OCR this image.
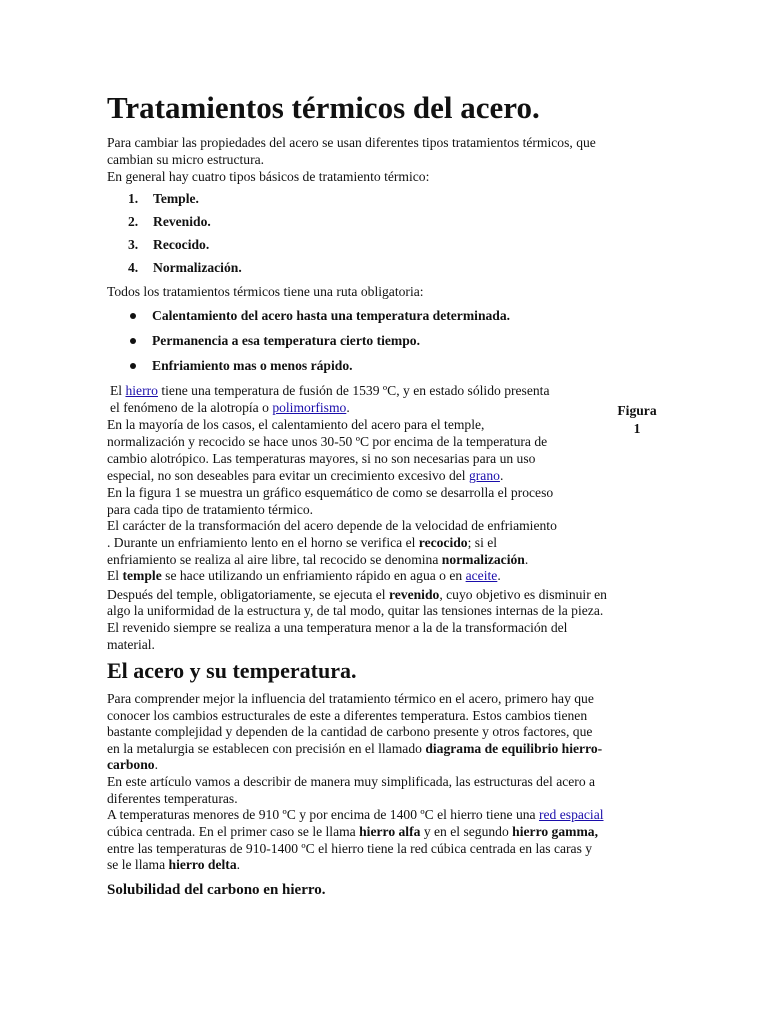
Tratamientos térmicos del acero.
Para cambiar las propiedades del acero se usan diferentes tipos tratamientos térmicos, que
cambian su micro estructura.
En general hay cuatro tipos básicos de tratamiento térmico:
1. Temple.
2. Revenido.
3. Recocido.
4. Normalización.
Todos los tratamientos térmicos tiene una ruta obligatoria:
Calentamiento del acero hasta una temperatura determinada.
Permanencia a esa temperatura cierto tiempo.
Enfriamiento mas o menos rápido.
Figura
1
El hierro tiene una temperatura de fusión de 1539 ºC, y en estado sólido presenta
el fenómeno de la alotropía o polimorfismo.
En la mayoría de los casos, el calentamiento del acero para el temple,
normalización y recocido se hace unos 30-50 ºC por encima de la temperatura de
cambio alotrópico. Las temperaturas mayores, si no son necesarias para un uso
especial, no son deseables para evitar un crecimiento excesivo del grano.
En la figura 1 se muestra un gráfico esquemático de como se desarrolla el proceso
para cada tipo de tratamiento térmico.
El carácter de la transformación del acero depende de la velocidad de enfriamiento
. Durante un enfriamiento lento en el horno se verifica el recocido; si el
enfriamiento se realiza al aire libre, tal recocido se denomina normalización.
El temple se hace utilizando un enfriamiento rápido en agua o en aceite.
Después del temple, obligatoriamente, se ejecuta el revenido, cuyo objetivo es disminuir en
algo la uniformidad de la estructura y, de tal modo, quitar las tensiones internas de la pieza.
El revenido siempre se realiza a una temperatura menor a la de la transformación del
material.
El acero y su temperatura.
Para comprender mejor la influencia del tratamiento térmico en el acero, primero hay que
conocer los cambios estructurales de este a diferentes temperatura. Estos cambios tienen
bastante complejidad y dependen de la cantidad de carbono presente y otros factores, que
en la metalurgia se establecen con precisión en el llamado diagrama de equilibrio hierro-
carbono.
En este artículo vamos a describir de manera muy simplificada, las estructuras del acero a
diferentes temperaturas.
A temperaturas menores de 910 ºC y por encima de 1400 ºC el hierro tiene una red espacial
cúbica centrada. En el primer caso se le llama hierro alfa y en el segundo hierro gamma,
entre las temperaturas de 910-1400 ºC el hierro tiene la red cúbica centrada en las caras y
se le llama hierro delta.
Solubilidad del carbono en hierro.
